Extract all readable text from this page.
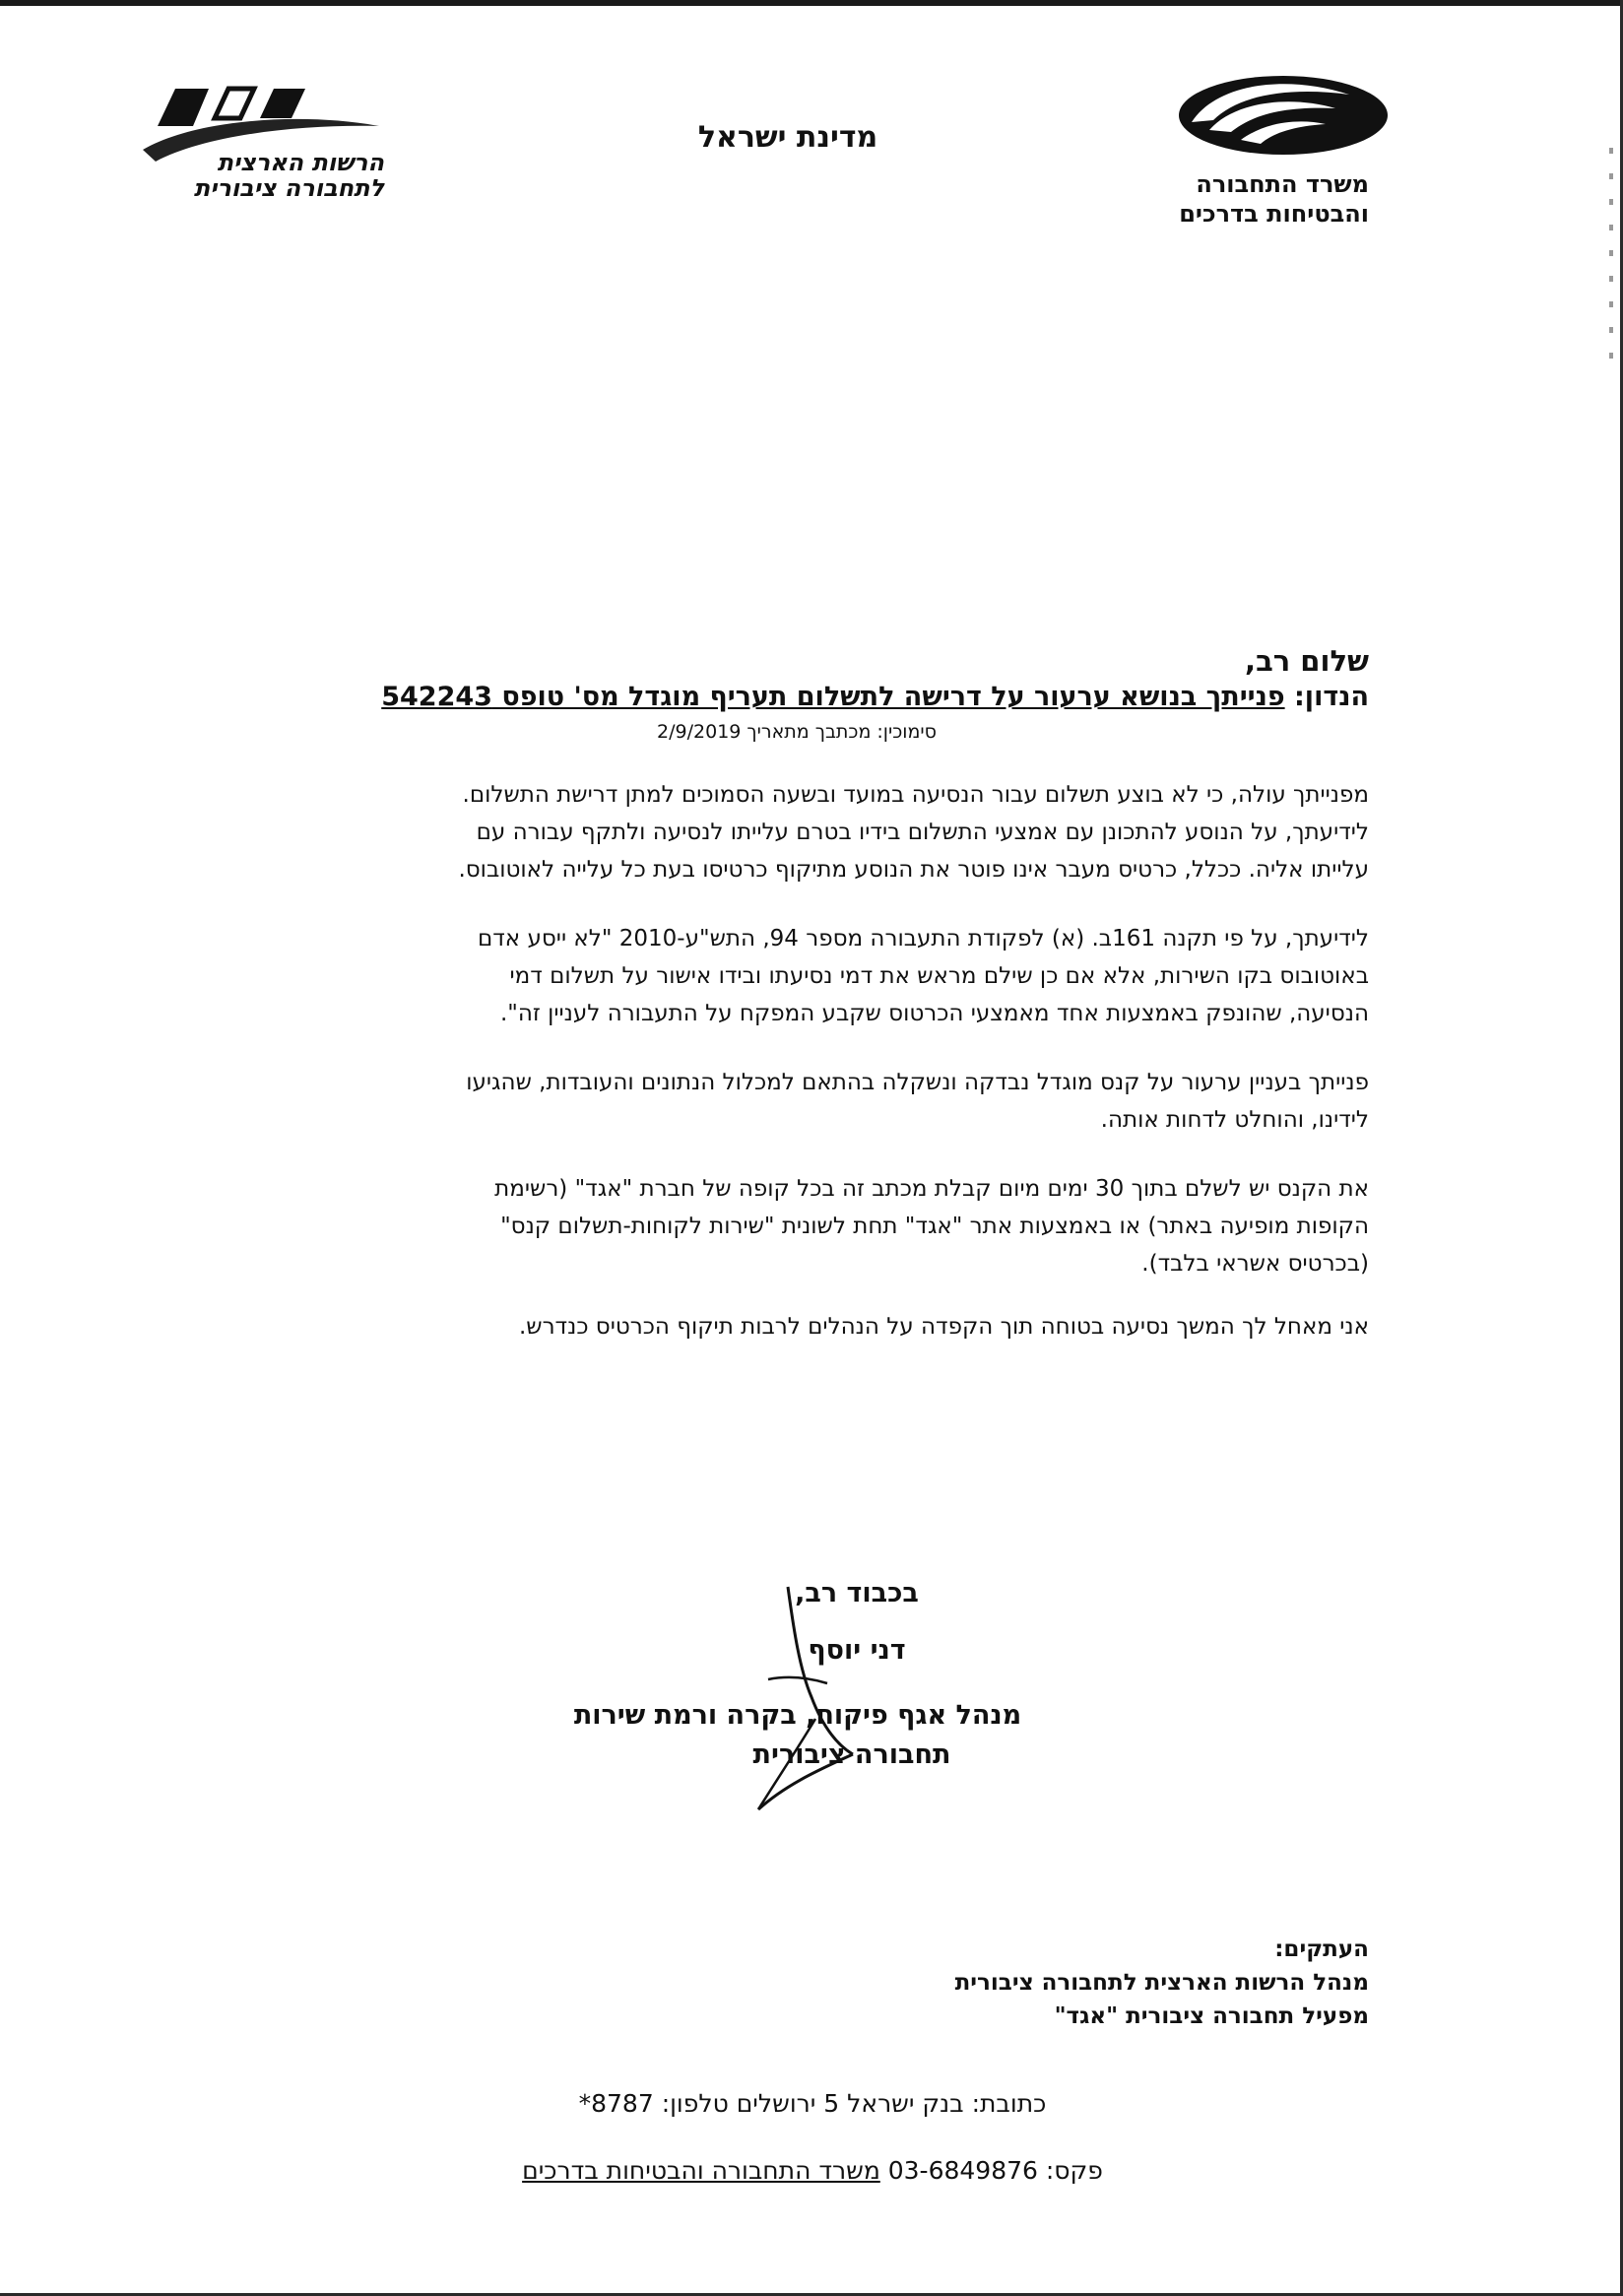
משרד התחבורה
והבטיחות בדרכים
מדינת ישראל
הרשות הארצית
לתחבורה ציבורית

שלום רב,

הנדון: פנייתך בנושא ערעור על דרישה לתשלום תעריף מוגדל מס' טופס 542243

סימוכין: מכתבך מתאריך 2/9/2019

מפנייתך עולה, כי לא בוצע תשלום עבור הנסיעה במועד ובשעה הסמוכים למתן דרישת התשלום.
לידיעתך, על הנוסע להתכונן עם אמצעי התשלום בידיו בטרם עלייתו לנסיעה ולתקף עבורה עם
עלייתו אליה. ככלל, כרטיס מעבר אינו פוטר את הנוסע מתיקוף כרטיסו בעת כל עלייה לאוטובוס.

לידיעתך, על פי תקנה 161ב. (א) לפקודת התעבורה מספר 94, התש"ע-2010 "לא ייסע אדם
באוטובוס בקו השירות, אלא אם כן שילם מראש את דמי נסיעתו ובידו אישור על תשלום דמי
הנסיעה, שהונפק באמצעות אחד מאמצעי הכרטוס שקבע המפקח על התעבורה לעניין זה".

פנייתך בעניין ערעור על קנס מוגדל נבדקה ונשקלה בהתאם למכלול הנתונים והעובדות, שהגיעו
לידינו, והוחלט לדחות אותה.

את הקנס יש לשלם בתוך 30 ימים מיום קבלת מכתב זה בכל קופה של חברת "אגד" (רשימת
הקופות מופיעה באתר) או באמצעות אתר "אגד" תחת לשונית "שירות לקוחות-תשלום קנס"
(בכרטיס אשראי בלבד).

אני מאחל לך המשך נסיעה בטוחה תוך הקפדה על הנהלים לרבות תיקוף הכרטיס כנדרש.

בכבוד רב,
דני יוסף
מנהל אגף פיקוח, בקרה ורמת שירות
תחבורה ציבורית
העתקים:
מנהל הרשות הארצית לתחבורה ציבורית
מפעיל תחבורה ציבורית "אגד"
כתובת: בנק ישראל 5 ירושלים טלפון: 8787*
פקס: 03-6849876 משרד התחבורה והבטיחות בדרכים
